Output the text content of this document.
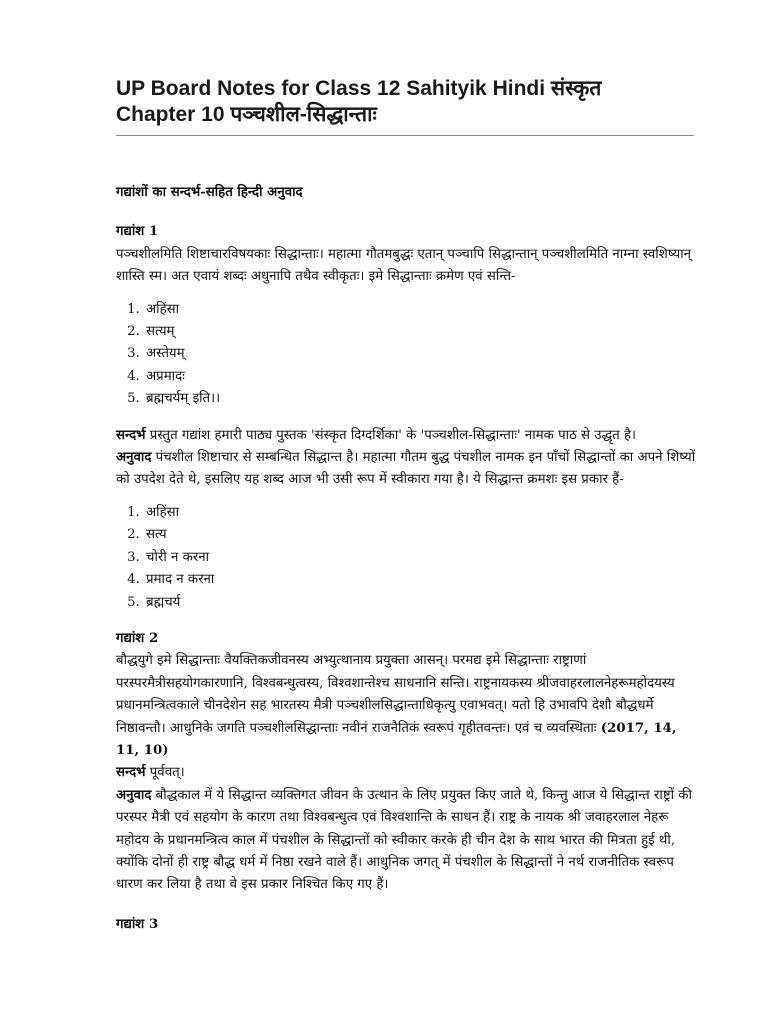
UP Board Notes for Class 12 Sahityik Hindi संस्कृत Chapter 10 पञ्चशील-सिद्धान्ताः

गद्यांशों का सन्दर्भ-सहित हिन्दी अनुवाद

गद्यांश 1

पञ्चशीलमिति शिष्टाचारविषयकाः सिद्धान्ताः। महात्मा गौतमबुद्धः एतान् पञ्चापि सिद्धान्तान् पञ्चशीलमिति नाम्ना स्वशिष्यान् शास्ति स्म। अत एवायं शब्दः अधुनापि तथैव स्वीकृतः। इमे सिद्धान्ताः क्रमेण एवं सन्ति-

1. अहिंसा
2. सत्यम्
3. अस्तेयम्
4. अप्रमादः
5. ब्रह्मचर्यम् इति।।

सन्दर्भ प्रस्तुत गद्यांश हमारी पाठ्य पुस्तक 'संस्कृत दिग्दर्शिका' के 'पञ्चशील-सिद्धान्ताः' नामक पाठ से उद्धृत है।

अनुवाद पंचशील शिष्टाचार से सम्बन्धित सिद्धान्त है। महात्मा गौतम बुद्ध पंचशील नामक इन पाँचों सिद्धान्तों का अपने शिष्यों को उपदेश देते थे, इसलिए यह शब्द आज भी उसी रूप में स्वीकारा गया है। ये सिद्धान्त क्रमशः इस प्रकार हैं-

1. अहिंसा
2. सत्य
3. चोरी न करना
4. प्रमाद न करना
5. ब्रह्मचर्य

गद्यांश 2

बौद्धयुगे इमे सिद्धान्ताः वैयक्तिकजीवनस्य अभ्युत्थानाय प्रयुक्ता आसन्। परमद्य इमे सिद्धान्ताः राष्ट्राणां परस्परमैत्रीसहयोगकारणानि, विश्वबन्धुत्वस्य, विश्वशान्तेश्च साधनानि सन्ति। राष्ट्रनायकस्य श्रीजवाहरलालनेहरूमहोदयस्य प्रधानमन्त्रित्वकाले चीनदेशेन सह भारतस्य मैत्री पञ्चशीलसिद्धान्ताधिकृत्यु एवाभवत्। यतो हि उभावपि देशौ बौद्धधर्मे निष्ठावन्तौ। आधुनिके जगति पञ्चशीलसिद्धान्ताः नवीनं राजनैतिकं स्वरूपं गृहीतवन्तः। एवं च व्यवस्थिताः (2017, 14, 11, 10)

सन्दर्भ पूर्ववत्।

अनुवाद बौद्धकाल में ये सिद्धान्त व्यक्तिगत जीवन के उत्थान के लिए प्रयुक्त किए जाते थे, किन्तु आज ये सिद्धान्त राष्ट्रों की परस्पर मैत्री एवं सहयोग के कारण तथा विश्वबन्धुत्व एवं विश्वशान्ति के साधन हैं। राष्ट्र के नायक श्री जवाहरलाल नेहरू महोदय के प्रधानमन्त्रित्व काल में पंचशील के सिद्धान्तों को स्वीकार करके ही चीन देश के साथ भारत की मित्रता हुई थी, क्योंकि दोनों ही राष्ट्र बौद्ध धर्म में निष्ठा रखने वाले हैं। आधुनिक जगत् में पंचशील के सिद्धान्तों ने नर्थ राजनीतिक स्वरूप धारण कर लिया है तथा वे इस प्रकार निश्चित किए गए हैं।

गद्यांश 3
